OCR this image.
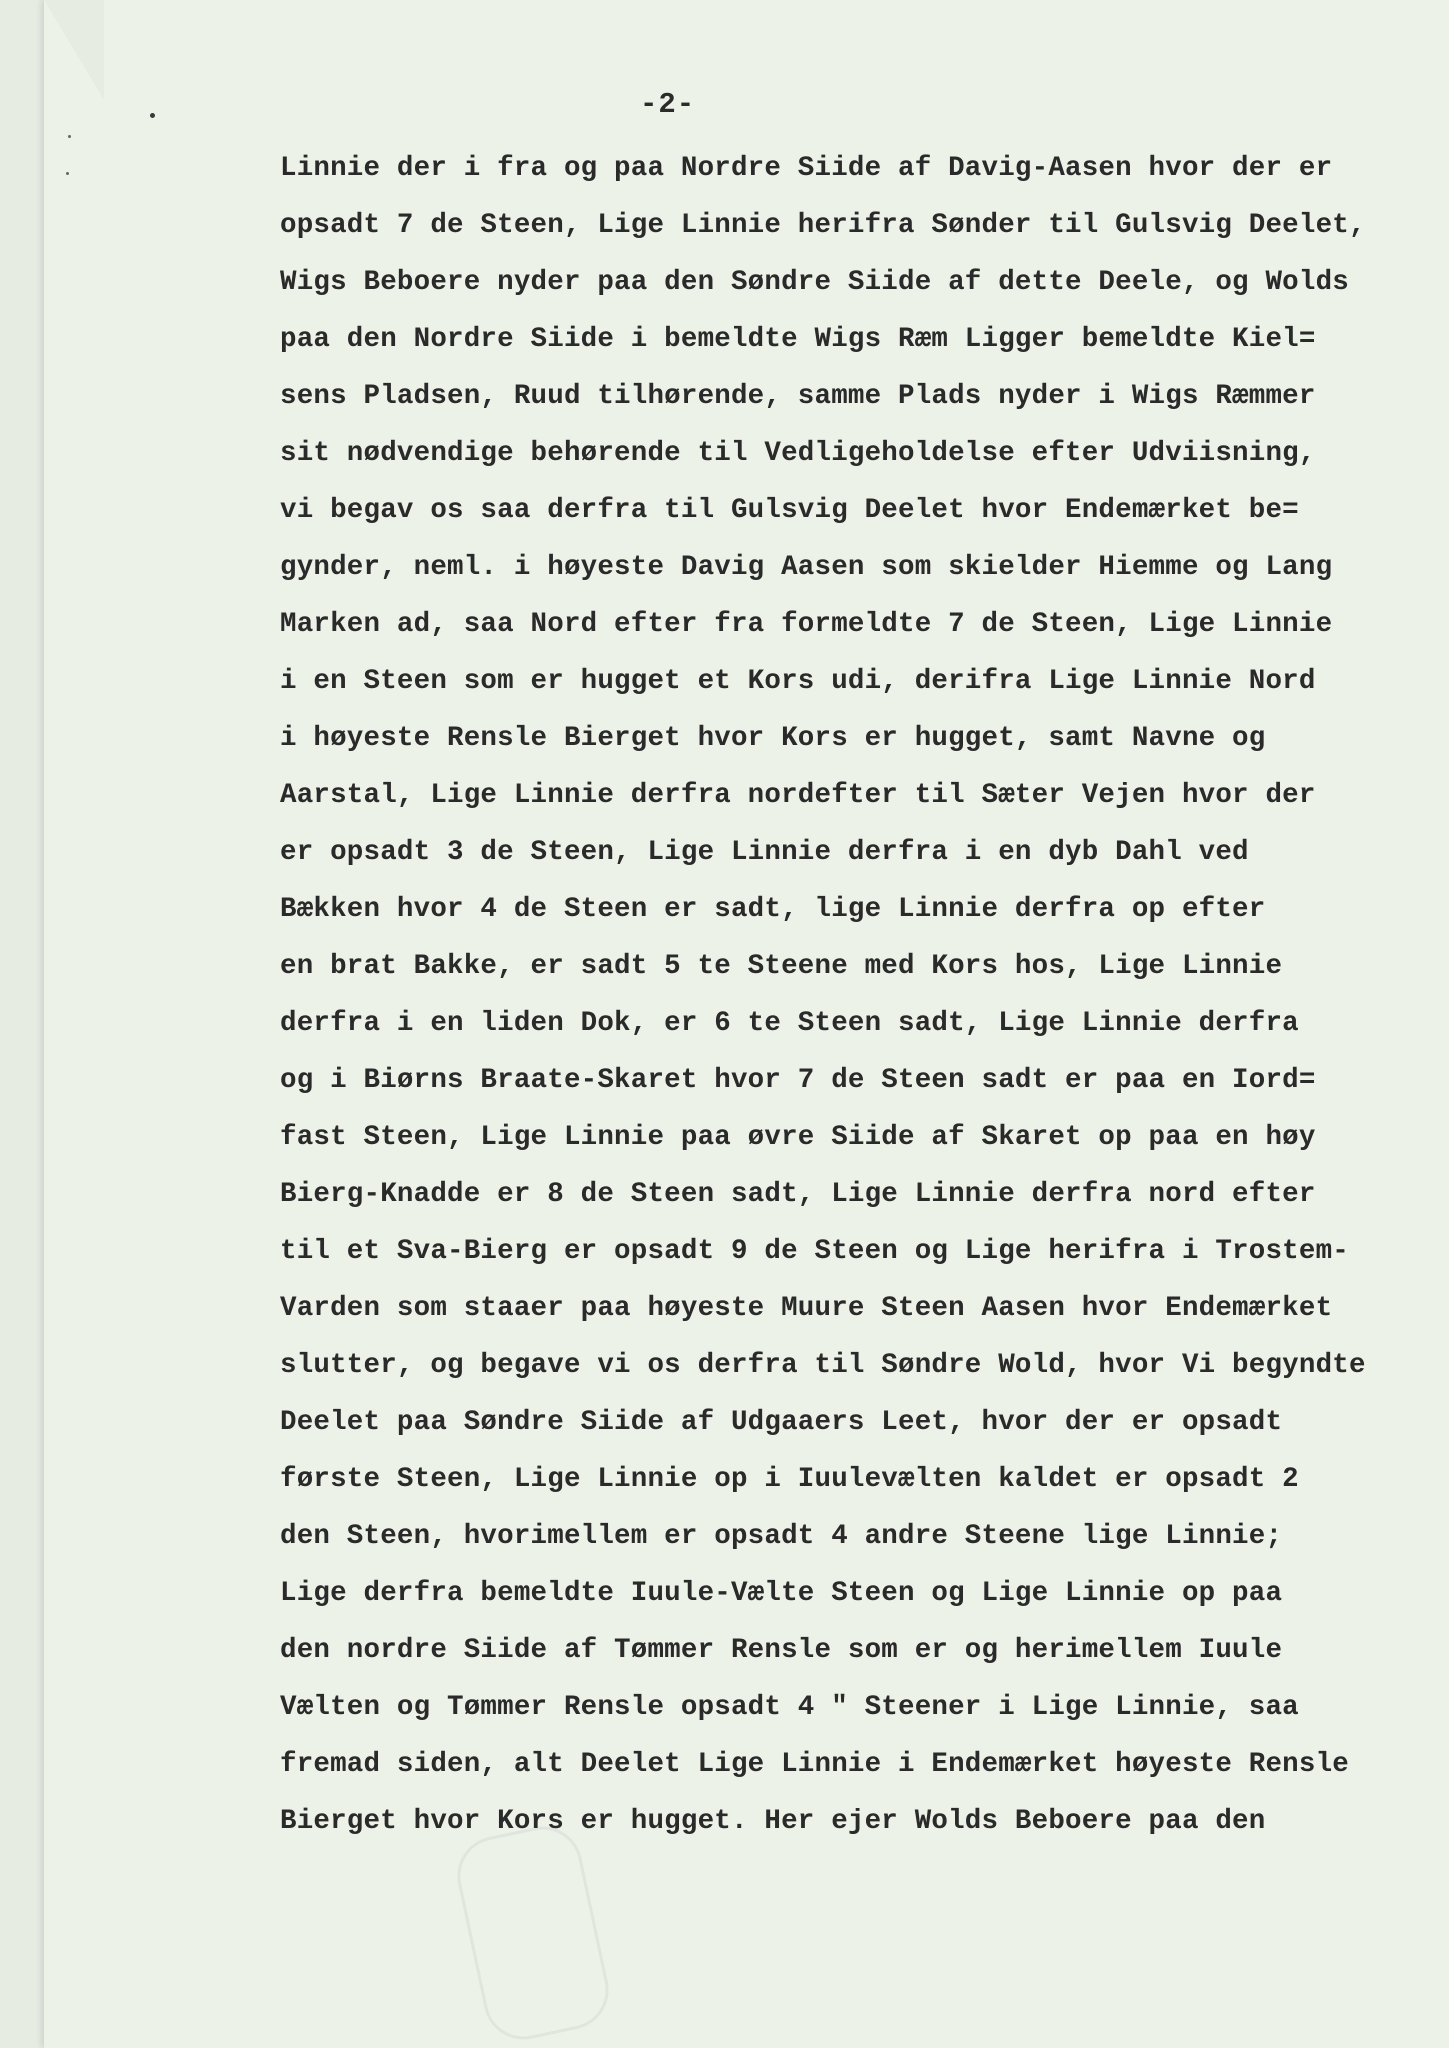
-2-
Linnie der i fra og paa Nordre Siide af Davig-Aasen hvor der er
opsadt 7 de Steen, Lige Linnie herifra Sønder til Gulsvig Deelet,
Wigs Beboere nyder paa den Søndre Siide af dette Deele, og Wolds
paa den Nordre Siide i bemeldte Wigs Ræm Ligger bemeldte Kiel=
sens Pladsen, Ruud tilhørende, samme Plads nyder i Wigs Ræmmer
sit nødvendige behørende til Vedligeholdelse efter Udviisning,
vi begav os saa derfra til Gulsvig Deelet hvor Endemærket be=
gynder, neml. i høyeste Davig Aasen som skielder Hiemme og Lang
Marken ad, saa Nord efter fra formeldte 7 de Steen, Lige Linnie
i en Steen som er hugget et Kors udi, derifra Lige Linnie Nord
i høyeste Rensle Bierget hvor Kors er hugget, samt Navne og
Aarstal, Lige Linnie derfra nordefter til Sæter Vejen hvor der
er opsadt 3 de Steen, Lige Linnie derfra i en dyb Dahl ved
Bækken hvor 4 de Steen er sadt, lige Linnie derfra op efter
en brat Bakke, er sadt 5 te Steene med Kors hos, Lige Linnie
derfra i en liden Dok, er 6 te Steen sadt, Lige Linnie derfra
og i Biørns Braate-Skaret hvor 7 de Steen sadt er paa en Iord=
fast Steen, Lige Linnie paa øvre Siide af Skaret op paa en høy
Bierg-Knadde er 8 de Steen sadt, Lige Linnie derfra nord efter
til et Sva-Bierg er opsadt 9 de Steen og Lige herifra i Trostem-
Varden som staaer paa høyeste Muure Steen Aasen hvor Endemærket
slutter, og begave vi os derfra til Søndre Wold, hvor Vi begyndte
Deelet paa Søndre Siide af Udgaaers Leet, hvor der er opsadt
første Steen, Lige Linnie op i Iuulevælten kaldet er opsadt 2
den Steen, hvorimellem er opsadt 4 andre Steene lige Linnie;
Lige derfra bemeldte Iuule-Vælte Steen og Lige Linnie op paa
den nordre Siide af Tømmer Rensle som er og herimellem Iuule
Vælten og Tømmer Rensle opsadt 4 " Steener i Lige Linnie, saa
fremad siden, alt Deelet Lige Linnie i Endemærket høyeste Rensle
Bierget hvor Kors er hugget. Her ejer Wolds Beboere paa den
